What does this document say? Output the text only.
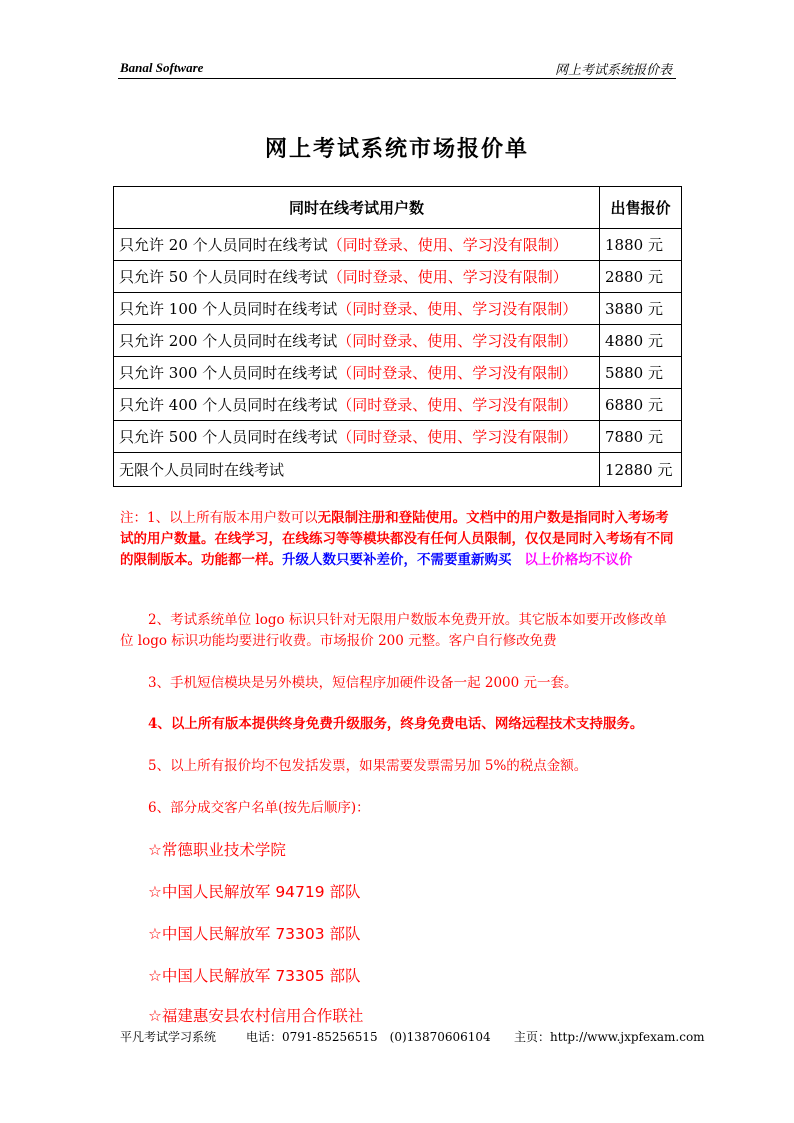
Banal Software	网上考试系统报价表
网上考试系统市场报价单
同时在线考试用户数	出售报价
只允许 20 个人员同时在线考试（同时登录、使用、学习没有限制）	1880 元
只允许 50 个人员同时在线考试（同时登录、使用、学习没有限制）	2880 元
只允许 100 个人员同时在线考试（同时登录、使用、学习没有限制）	3880 元
只允许 200 个人员同时在线考试（同时登录、使用、学习没有限制）	4880 元
只允许 300 个人员同时在线考试（同时登录、使用、学习没有限制）	5880 元
只允许 400 个人员同时在线考试（同时登录、使用、学习没有限制）	6880 元
只允许 500 个人员同时在线考试（同时登录、使用、学习没有限制）	7880 元
无限个人员同时在线考试	12880 元
注：1、以上所有版本用户数可以无限制注册和登陆使用。文档中的用户数是指同时入考场考试的用户数量。在线学习，在线练习等等模块都没有任何人员限制，仅仅是同时入考场有不同的限制版本。功能都一样。升级人数只要补差价，不需要重新购买 以上价格均不议价
2、考试系统单位 logo 标识只针对无限用户数版本免费开放。其它版本如要开改修改单位 logo 标识功能均要进行收费。市场报价 200 元整。客户自行修改免费
3、手机短信模块是另外模块，短信程序加硬件设备一起 2000 元一套。
4、以上所有版本提供终身免费升级服务，终身免费电话、网络远程技术支持服务。
5、以上所有报价均不包发括发票，如果需要发票需另加 5%的税点金额。
6、部分成交客户名单(按先后顺序)：
☆常德职业技术学院
☆中国人民解放军 94719 部队
☆中国人民解放军 73303 部队
☆中国人民解放军 73305 部队
☆福建惠安县农村信用合作联社
平凡考试学习系统 电话：0791-85256515　(0)13870606104 主页：http://www.jxpfexam.com
